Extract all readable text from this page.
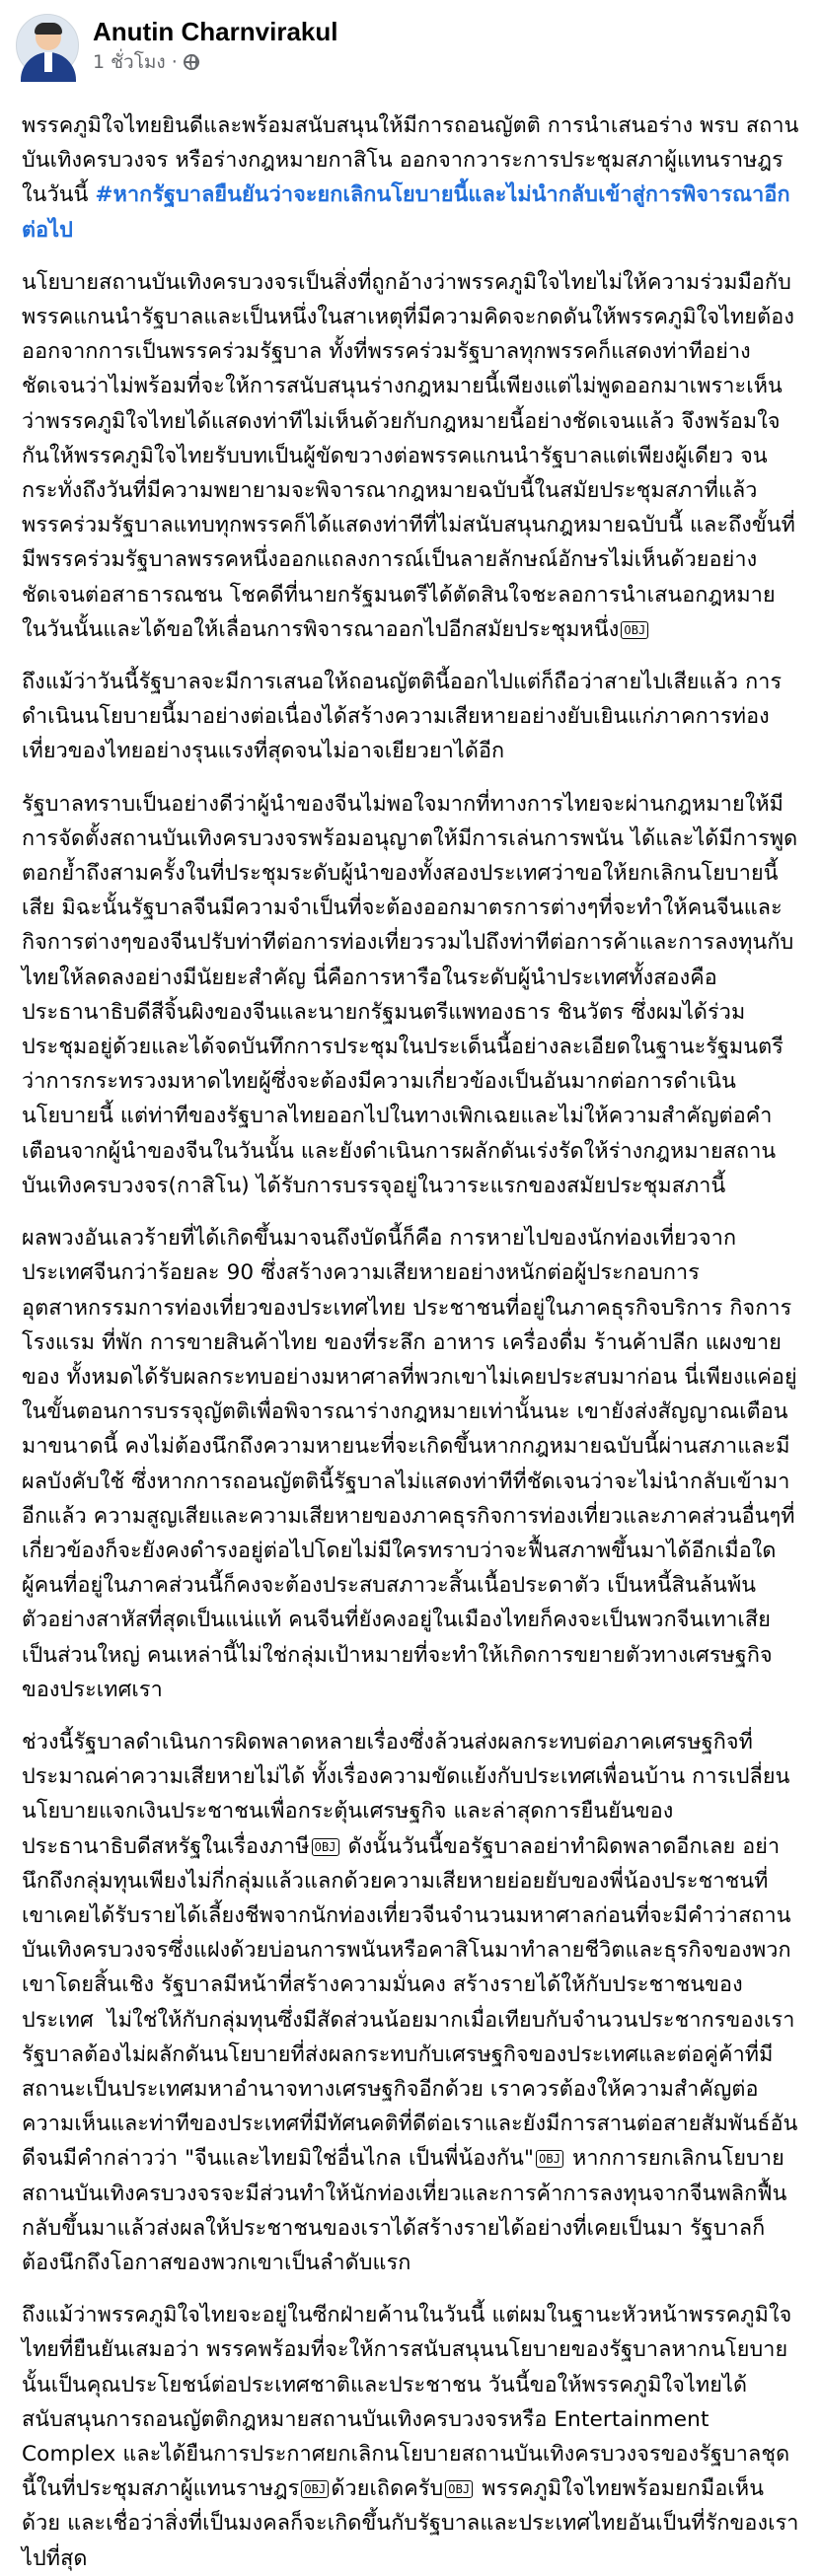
Anutin Charnvirakul
1 ชั่วโมง ·

พรรคภูมิใจไทยยินดีและพร้อมสนับสนุนให้มีการถอนญัตติ การนำเสนอร่าง พรบ สถานบันเทิงครบวงจร หรือร่างกฎหมายกาสิโน ออกจากวาระการประชุมสภาผู้แทนราษฎรในวันนี้ #หากรัฐบาลยืนยันว่าจะยกเลิกนโยบายนี้และไม่นำกลับเข้าสู่การพิจารณาอีกต่อไป

นโยบายสถานบันเทิงครบวงจรเป็นสิ่งที่ถูกอ้างว่าพรรคภูมิใจไทยไม่ให้ความร่วมมือกับพรรคแกนนำรัฐบาลและเป็นหนึ่งในสาเหตุที่มีความคิดจะกดดันให้พรรคภูมิใจไทยต้องออกจากการเป็นพรรคร่วมรัฐบาล ทั้งที่พรรคร่วมรัฐบาลทุกพรรคก็แสดงท่าทีอย่างชัดเจนว่าไม่พร้อมที่จะให้การสนับสนุนร่างกฎหมายนี้เพียงแต่ไม่พูดออกมาเพราะเห็นว่าพรรคภูมิใจไทยได้แสดงท่าทีไม่เห็นด้วยกับกฎหมายนี้อย่างชัดเจนแล้ว จึงพร้อมใจกันให้พรรคภูมิใจไทยรับบทเป็นผู้ขัดขวางต่อพรรคแกนนำรัฐบาลแต่เพียงผู้เดียว จนกระทั่งถึงวันที่มีความพยายามจะพิจารณากฎหมายฉบับนี้ในสมัยประชุมสภาที่แล้ว พรรคร่วมรัฐบาลแทบทุกพรรคก็ได้แสดงท่าทีที่ไม่สนับสนุนกฎหมายฉบับนี้ และถึงขั้นที่มีพรรคร่วมรัฐบาลพรรคหนึ่งออกแถลงการณ์เป็นลายลักษณ์อักษรไม่เห็นด้วยอย่างชัดเจนต่อสาธารณชน โชคดีที่นายกรัฐมนตรีได้ตัดสินใจชะลอการนำเสนอกฎหมายในวันนั้นและได้ขอให้เลื่อนการพิจารณาออกไปอีกสมัยประชุมหนึ่ง OBJ

ถึงแม้ว่าวันนี้รัฐบาลจะมีการเสนอให้ถอนญัตตินี้ออกไปแต่ก็ถือว่าสายไปเสียแล้ว การดำเนินนโยบายนี้มาอย่างต่อเนื่องได้สร้างความเสียหายอย่างยับเยินแก่ภาคการท่องเที่ยวของไทยอย่างรุนแรงที่สุดจนไม่อาจเยียวยาได้อีก

รัฐบาลทราบเป็นอย่างดีว่าผู้นำของจีนไม่พอใจมากที่ทางการไทยจะผ่านกฎหมายให้มีการจัดตั้งสถานบันเทิงครบวงจรพร้อมอนุญาตให้มีการเล่นการพนัน ได้และได้มีการพูดตอกย้ำถึงสามครั้งในที่ประชุมระดับผู้นำของทั้งสองประเทศว่าขอให้ยกเลิกนโยบายนี้เสีย มิฉะนั้นรัฐบาลจีนมีความจำเป็นที่จะต้องออกมาตรการต่างๆที่จะทำให้คนจีนและกิจการต่างๆของจีนปรับท่าทีต่อการท่องเที่ยวรวมไปถึงท่าทีต่อการค้าและการลงทุนกับไทยให้ลดลงอย่างมีนัยยะสำคัญ นี่คือการหารือในระดับผู้นำประเทศทั้งสองคือ ประธานาธิบดีสีจิ้นผิงของจีนและนายกรัฐมนตรีแพทองธาร ชินวัตร ซึ่งผมได้ร่วมประชุมอยู่ด้วยและได้จดบันทึกการประชุมในประเด็นนี้อย่างละเอียดในฐานะรัฐมนตรีว่าการกระทรวงมหาดไทยผู้ซึ่งจะต้องมีความเกี่ยวข้องเป็นอันมากต่อการดำเนินนโยบายนี้ แต่ท่าทีของรัฐบาลไทยออกไปในทางเพิกเฉยและไม่ให้ความสำคัญต่อคำเตือนจากผู้นำของจีนในวันนั้น และยังดำเนินการผลักดันเร่งรัดให้ร่างกฎหมายสถานบันเทิงครบวงจร(กาสิโน) ได้รับการบรรจุอยู่ในวาระแรกของสมัยประชุมสภานี้

ผลพวงอันเลวร้ายที่ได้เกิดขึ้นมาจนถึงบัดนี้ก็คือ การหายไปของนักท่องเที่ยวจากประเทศจีนกว่าร้อยละ 90 ซึ่งสร้างความเสียหายอย่างหนักต่อผู้ประกอบการอุตสาหกรรมการท่องเที่ยวของประเทศไทย ประชาชนที่อยู่ในภาคธุรกิจบริการ กิจการโรงแรม ที่พัก การขายสินค้าไทย ของที่ระลึก อาหาร เครื่องดื่ม ร้านค้าปลีก แผงขายของ ทั้งหมดได้รับผลกระทบอย่างมหาศาลที่พวกเขาไม่เคยประสบมาก่อน นี่เพียงแค่อยู่ในขั้นตอนการบรรจุญัตติเพื่อพิจารณาร่างกฎหมายเท่านั้นนะ เขายังส่งสัญญาณเตือนมาขนาดนี้ คงไม่ต้องนึกถึงความหายนะที่จะเกิดขึ้นหากกฎหมายฉบับนี้ผ่านสภาและมีผลบังคับใช้ ซึ่งหากการถอนญัตตินี้รัฐบาลไม่แสดงท่าทีที่ชัดเจนว่าจะไม่นำกลับเข้ามาอีกแล้ว ความสูญเสียและความเสียหายของภาคธุรกิจการท่องเที่ยวและภาคส่วนอื่นๆที่เกี่ยวข้องก็จะยังคงดำรงอยู่ต่อไปโดยไม่มีใครทราบว่าจะฟื้นสภาพขึ้นมาได้อีกเมื่อใด ผู้คนที่อยู่ในภาคส่วนนี้ก็คงจะต้องประสบสภาวะสิ้นเนื้อประดาตัว เป็นหนี้สินล้นพ้นตัวอย่างสาหัสที่สุดเป็นแน่แท้ คนจีนที่ยังคงอยู่ในเมืองไทยก็คงจะเป็นพวกจีนเทาเสียเป็นส่วนใหญ่ คนเหล่านี้ไม่ใช่กลุ่มเป้าหมายที่จะทำให้เกิดการขยายตัวทางเศรษฐกิจของประเทศเรา

ช่วงนี้รัฐบาลดำเนินการผิดพลาดหลายเรื่องซึ่งล้วนส่งผลกระทบต่อภาคเศรษฐกิจที่ประมาณค่าความเสียหายไม่ได้ ทั้งเรื่องความขัดแย้งกับประเทศเพื่อนบ้าน การเปลี่ยนนโยบายแจกเงินประชาชนเพื่อกระตุ้นเศรษฐกิจ และล่าสุดการยืนยันของประธานาธิบดีสหรัฐในเรื่องภาษี OBJ ดังนั้นวันนี้ขอรัฐบาลอย่าทำผิดพลาดอีกเลย อย่านึกถึงกลุ่มทุนเพียงไม่กี่กลุ่มแล้วแลกด้วยความเสียหายย่อยยับของพี่น้องประชาชนที่เขาเคยได้รับรายได้เลี้ยงชีพจากนักท่องเที่ยวจีนจำนวนมหาศาลก่อนที่จะมีคำว่าสถานบันเทิงครบวงจรซึ่งแฝงด้วยบ่อนการพนันหรือคาสิโนมาทำลายชีวิตและธุรกิจของพวกเขาโดยสิ้นเชิง รัฐบาลมีหน้าที่สร้างความมั่นคง สร้างรายได้ให้กับประชาชนของประเทศ  ไม่ใช่ให้กับกลุ่มทุนซึ่งมีสัดส่วนน้อยมากเมื่อเทียบกับจำนวนประชากรของเรา รัฐบาลต้องไม่ผลักดันนโยบายที่ส่งผลกระทบกับเศรษฐกิจของประเทศและต่อคู่ค้าที่มีสถานะเป็นประเทศมหาอำนาจทางเศรษฐกิจอีกด้วย เราควรต้องให้ความสำคัญต่อความเห็นและท่าทีของประเทศที่มีทัศนคติที่ดีต่อเราและยังมีการสานต่อสายสัมพันธ์อันดีจนมีคำกล่าวว่า "จีนและไทยมิใช่อื่นไกล เป็นพี่น้องกัน" OBJ หากการยกเลิกนโยบายสถานบันเทิงครบวงจรจะมีส่วนทำให้นักท่องเที่ยวและการค้าการลงทุนจากจีนพลิกฟื้นกลับขึ้นมาแล้วส่งผลให้ประชาชนของเราได้สร้างรายได้อย่างที่เคยเป็นมา รัฐบาลก็ต้องนึกถึงโอกาสของพวกเขาเป็นลำดับแรก

ถึงแม้ว่าพรรคภูมิใจไทยจะอยู่ในซีกฝ่ายค้านในวันนี้ แต่ผมในฐานะหัวหน้าพรรคภูมิใจไทยที่ยืนยันเสมอว่า พรรคพร้อมที่จะให้การสนับสนุนนโยบายของรัฐบาลหากนโยบายนั้นเป็นคุณประโยชน์ต่อประเทศชาติและประชาชน วันนี้ขอให้พรรคภูมิใจไทยได้สนับสนุนการถอนญัตติกฎหมายสถานบันเทิงครบวงจรหรือ Entertainment Complex และได้ยืนการประกาศยกเลิกนโยบายสถานบันเทิงครบวงจรของรัฐบาลชุดนี้ในที่ประชุมสภาผู้แทนราษฎร OBJ ด้วยเถิดครับ OBJ พรรคภูมิใจไทยพร้อมยกมือเห็นด้วย และเชื่อว่าสิ่งที่เป็นมงคลก็จะเกิดขึ้นกับรัฐบาลและประเทศไทยอันเป็นที่รักของเราไปที่สุด
